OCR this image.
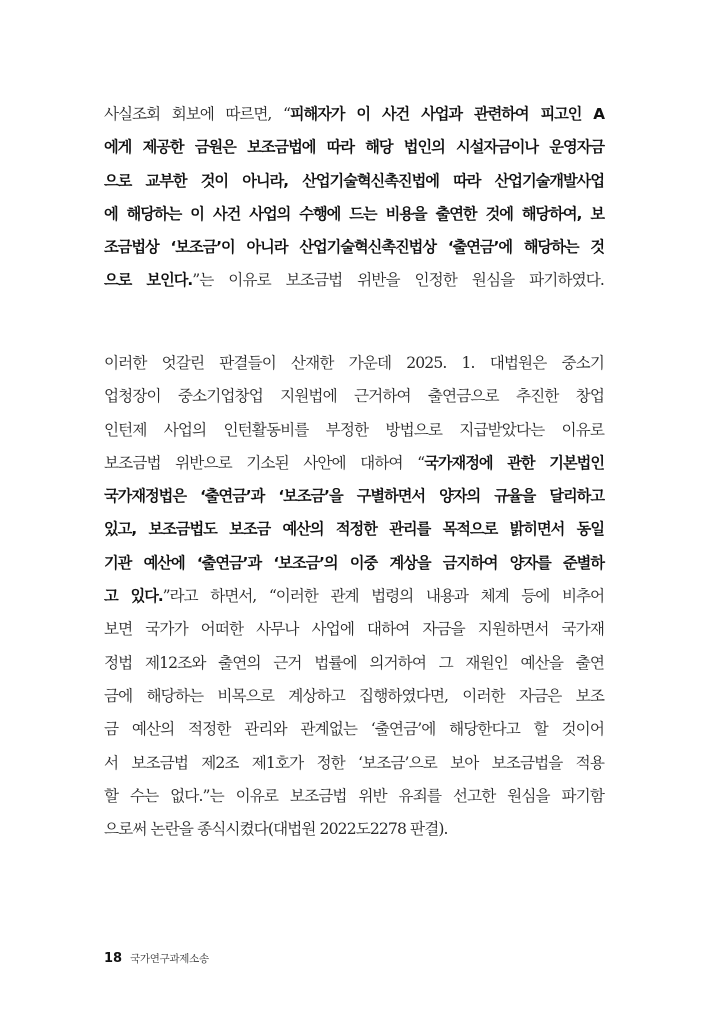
사실조회 회보에 따르면, “피해자가 이 사건 사업과 관련하여 피고인 A
에게 제공한 금원은 보조금법에 따라 해당 법인의 시설자금이나 운영자금
으로 교부한 것이 아니라, 산업기술혁신촉진법에 따라 산업기술개발사업
에 해당하는 이 사건 사업의 수행에 드는 비용을 출연한 것에 해당하여, 보
조금법상 ‘보조금’이 아니라 산업기술혁신촉진법상 ‘출연금’에 해당하는 것
으로 보인다.”는 이유로 보조금법 위반을 인정한 원심을 파기하였다.
이러한 엇갈린 판결들이 산재한 가운데 2025. 1. 대법원은 중소기
업청장이 중소기업창업 지원법에 근거하여 출연금으로 추진한 창업
인턴제 사업의 인턴활동비를 부정한 방법으로 지급받았다는 이유로
보조금법 위반으로 기소된 사안에 대하여 “국가재정에 관한 기본법인
국가재정법은 ‘출연금’과 ‘보조금’을 구별하면서 양자의 규율을 달리하고
있고, 보조금법도 보조금 예산의 적정한 관리를 목적으로 밝히면서 동일
기관 예산에 ‘출연금’과 ‘보조금’의 이중 계상을 금지하여 양자를 준별하
고 있다.”라고 하면서, “이러한 관계 법령의 내용과 체계 등에 비추어
보면 국가가 어떠한 사무나 사업에 대하여 자금을 지원하면서 국가재
정법 제12조와 출연의 근거 법률에 의거하여 그 재원인 예산을 출연
금에 해당하는 비목으로 계상하고 집행하였다면, 이러한 자금은 보조
금 예산의 적정한 관리와 관계없는 ‘출연금’에 해당한다고 할 것이어
서 보조금법 제2조 제1호가 정한 ‘보조금’으로 보아 보조금법을 적용
할 수는 없다.”는 이유로 보조금법 위반 유죄를 선고한 원심을 파기함
으로써 논란을 종식시켰다(대법원 2022도2278 판결).
18 국가연구과제소송
